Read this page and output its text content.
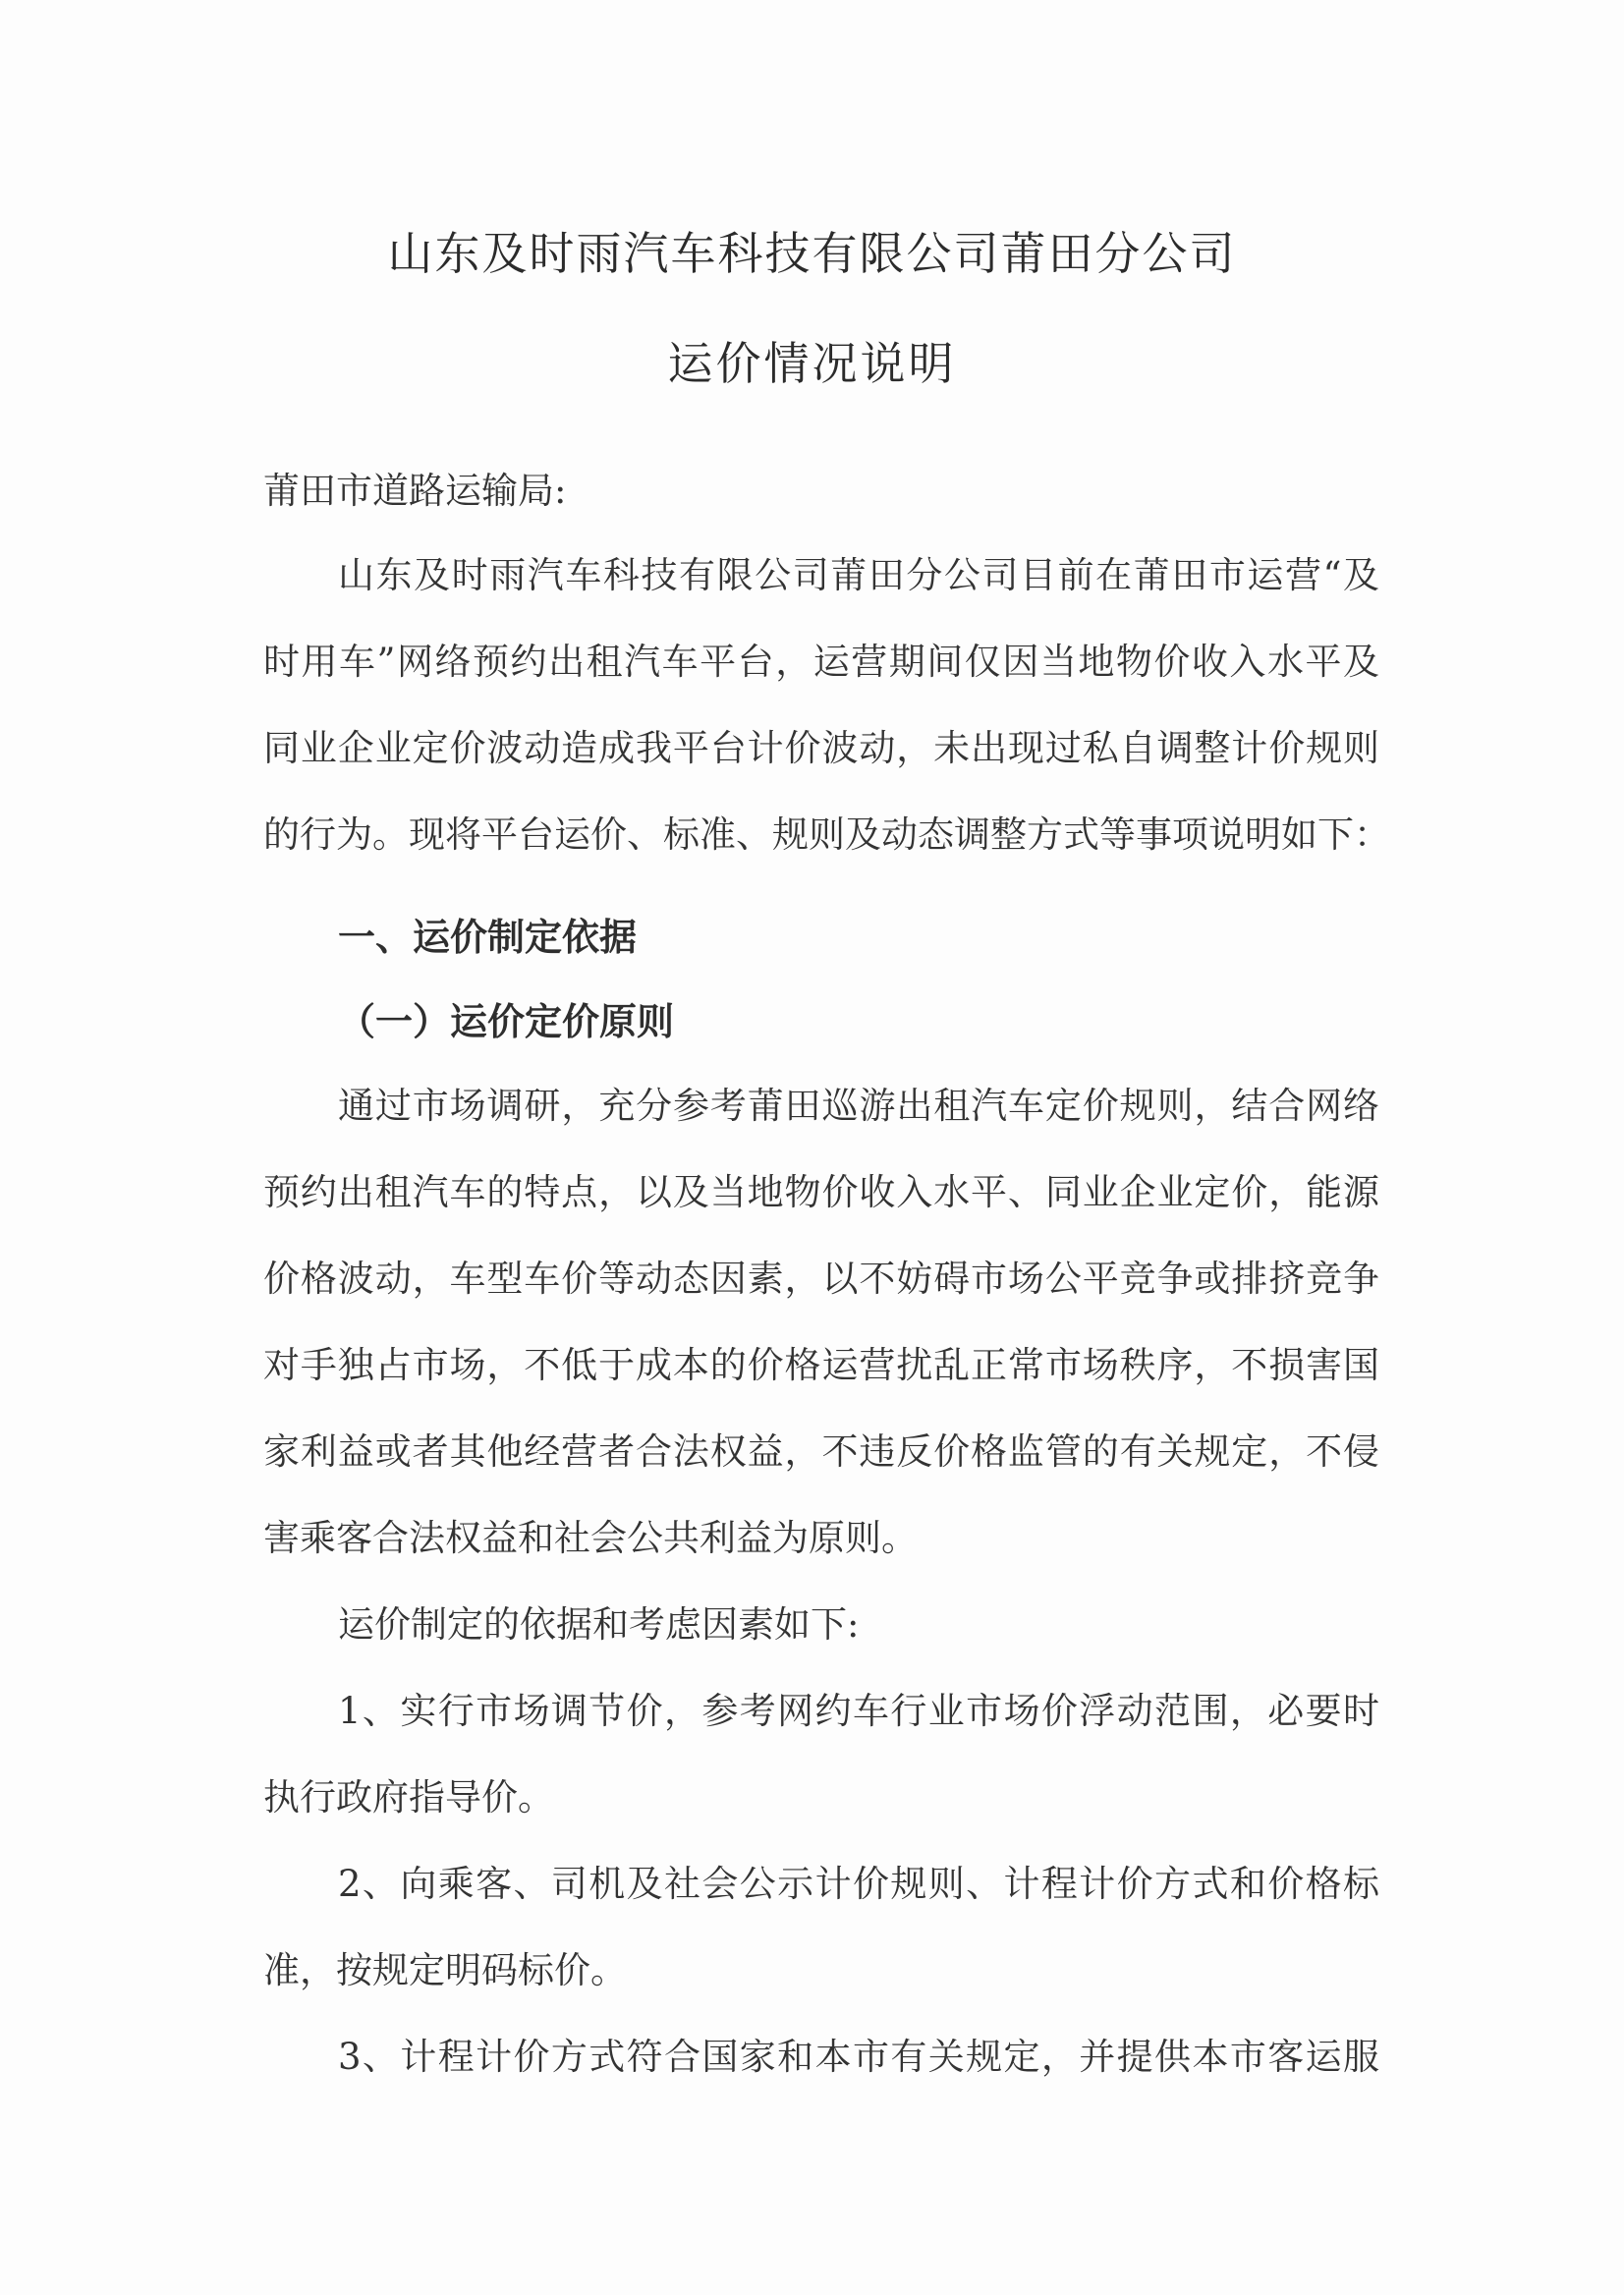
山东及时雨汽车科技有限公司莆田分公司
运价情况说明
莆田市道路运输局:
山东及时雨汽车科技有限公司莆田分公司目前在莆田市运营“及
时用车”网络预约出租汽车平台，运营期间仅因当地物价收入水平及
同业企业定价波动造成我平台计价波动，未出现过私自调整计价规则
的行为。现将平台运价、标准、规则及动态调整方式等事项说明如下：
一、运价制定依据
（一）运价定价原则
通过市场调研，充分参考莆田巡游出租汽车定价规则，结合网络
预约出租汽车的特点，以及当地物价收入水平、同业企业定价，能源
价格波动，车型车价等动态因素，以不妨碍市场公平竞争或排挤竞争
对手独占市场，不低于成本的价格运营扰乱正常市场秩序，不损害国
家利益或者其他经营者合法权益，不违反价格监管的有关规定，不侵
害乘客合法权益和社会公共利益为原则。
运价制定的依据和考虑因素如下:
1、实行市场调节价，参考网约车行业市场价浮动范围，必要时
执行政府指导价。
2、向乘客、司机及社会公示计价规则、计程计价方式和价格标
准，按规定明码标价。
3、计程计价方式符合国家和本市有关规定，并提供本市客运服
